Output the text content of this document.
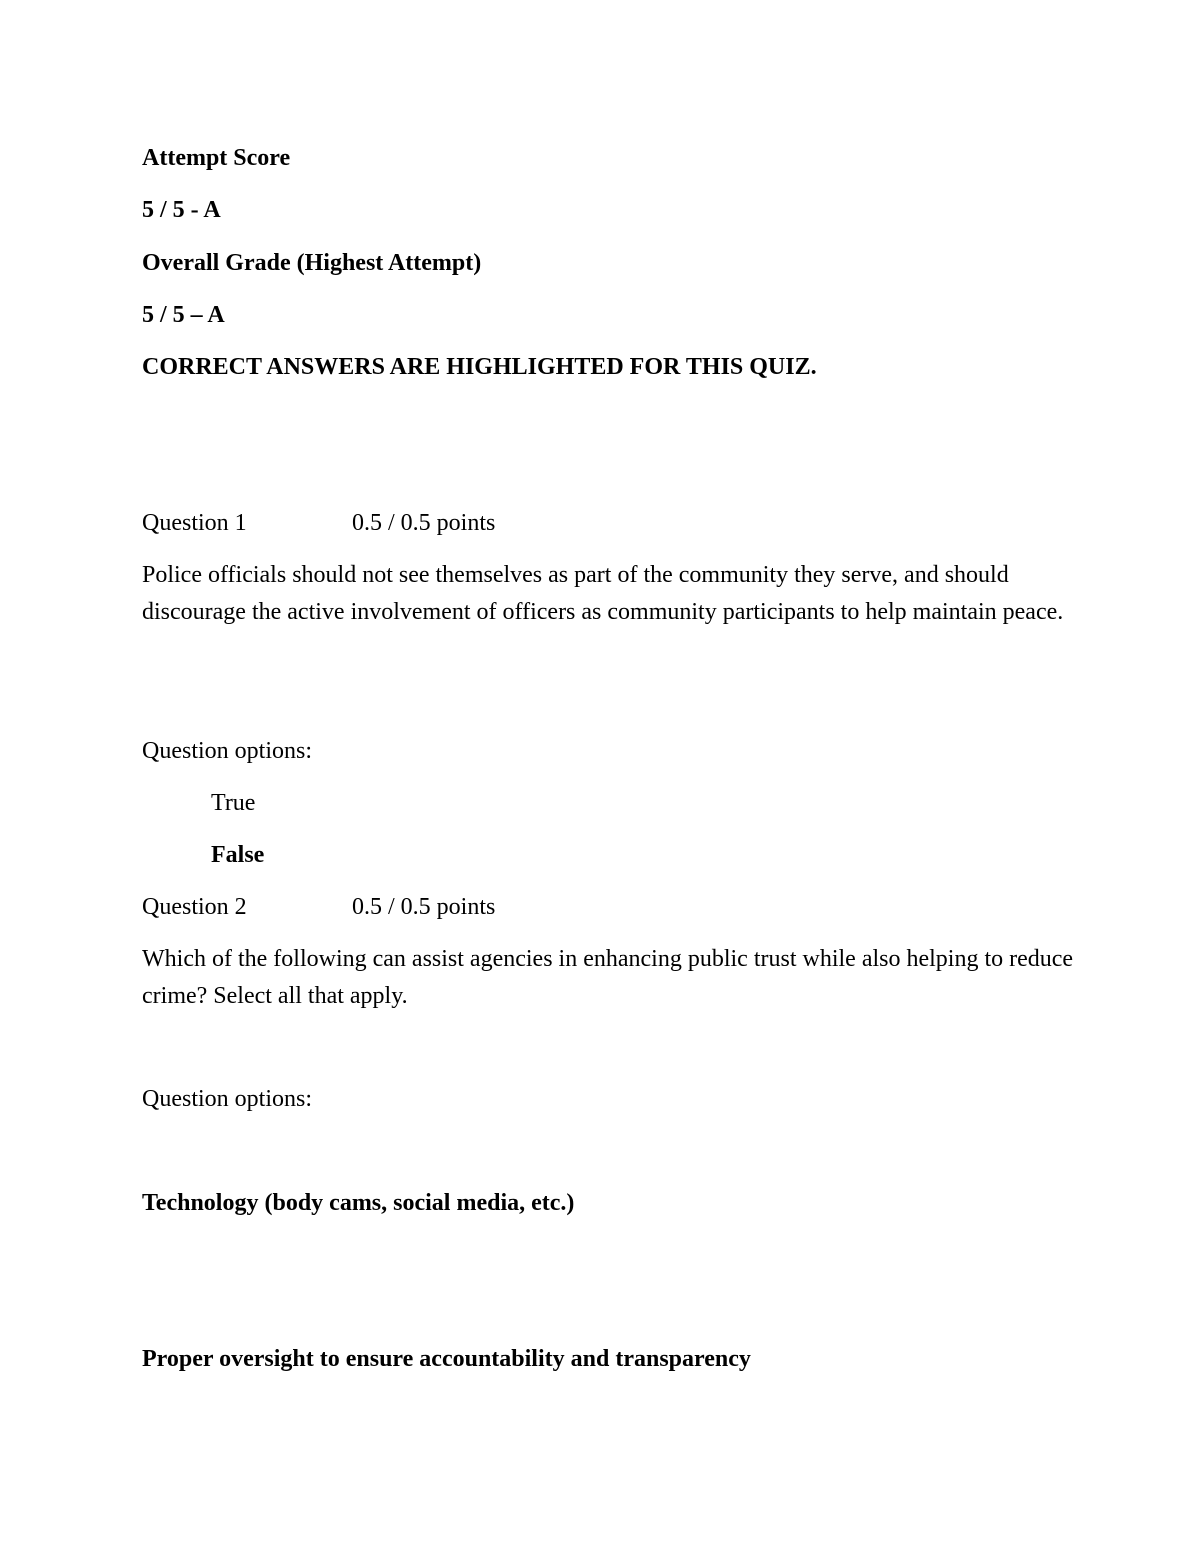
Attempt Score
5 / 5 - A
Overall Grade (Highest Attempt)
5 / 5 – A
CORRECT ANSWERS ARE HIGHLIGHTED FOR THIS QUIZ.
Question 1	0.5 / 0.5 points
Police officials should not see themselves as part of the community they serve, and should discourage the active involvement of officers as community participants to help maintain peace.
Question options:
True
False
Question 2	0.5 / 0.5 points
Which of the following can assist agencies in enhancing public trust while also helping to reduce crime? Select all that apply.
Question options:
Technology (body cams, social media, etc.)
Proper oversight to ensure accountability and transparency
